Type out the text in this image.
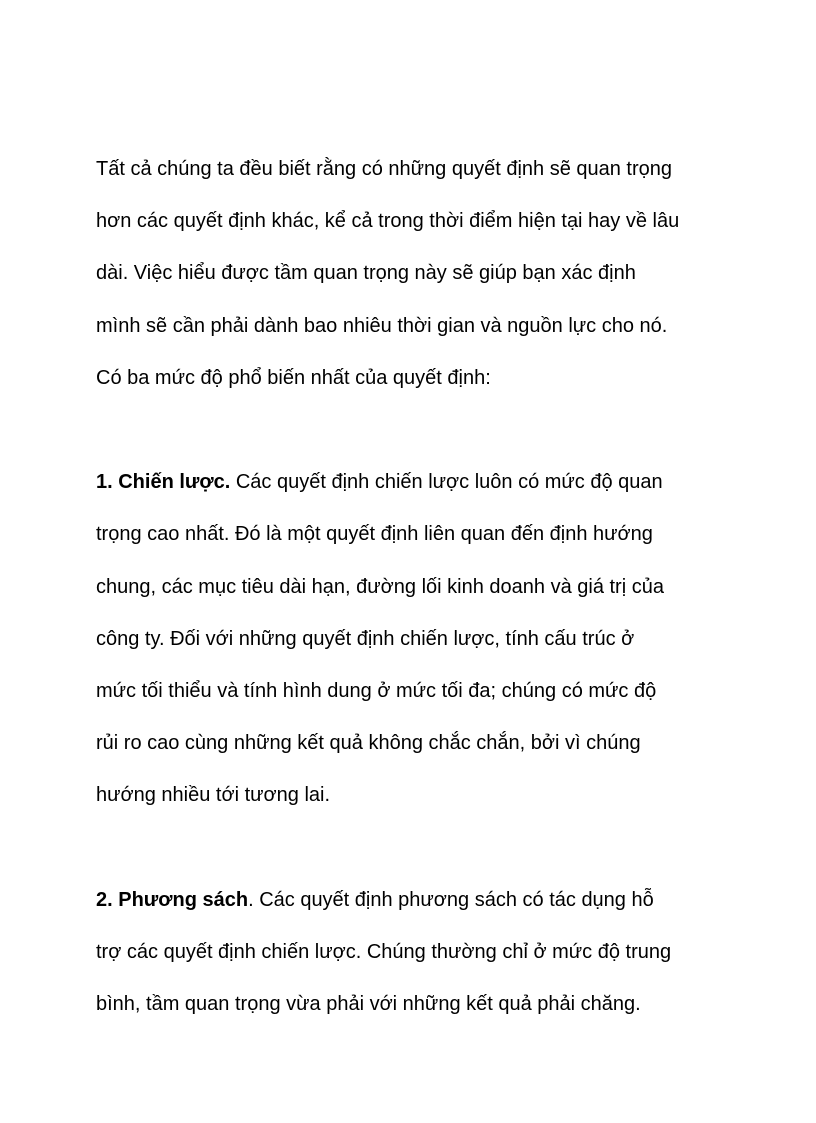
Tất cả chúng ta đều biết rằng có những quyết định sẽ quan trọng
hơn các quyết định khác, kể cả trong thời điểm hiện tại hay về lâu
dài. Việc hiểu được tầm quan trọng này sẽ giúp bạn xác định
mình sẽ cần phải dành bao nhiêu thời gian và nguồn lực cho nó.
Có ba mức độ phổ biến nhất của quyết định:
1. Chiến lược. Các quyết định chiến lược luôn có mức độ quan
trọng cao nhất. Đó là một quyết định liên quan đến định hướng
chung, các mục tiêu dài hạn, đường lối kinh doanh và giá trị của
công ty. Đối với những quyết định chiến lược, tính cấu trúc ở
mức tối thiểu và tính hình dung ở mức tối đa; chúng có mức độ
rủi ro cao cùng những kết quả không chắc chắn, bởi vì chúng
hướng nhiều tới tương lai.
2. Phương sách. Các quyết định phương sách có tác dụng hỗ
trợ các quyết định chiến lược. Chúng thường chỉ ở mức độ trung
bình, tầm quan trọng vừa phải với những kết quả phải chăng.
